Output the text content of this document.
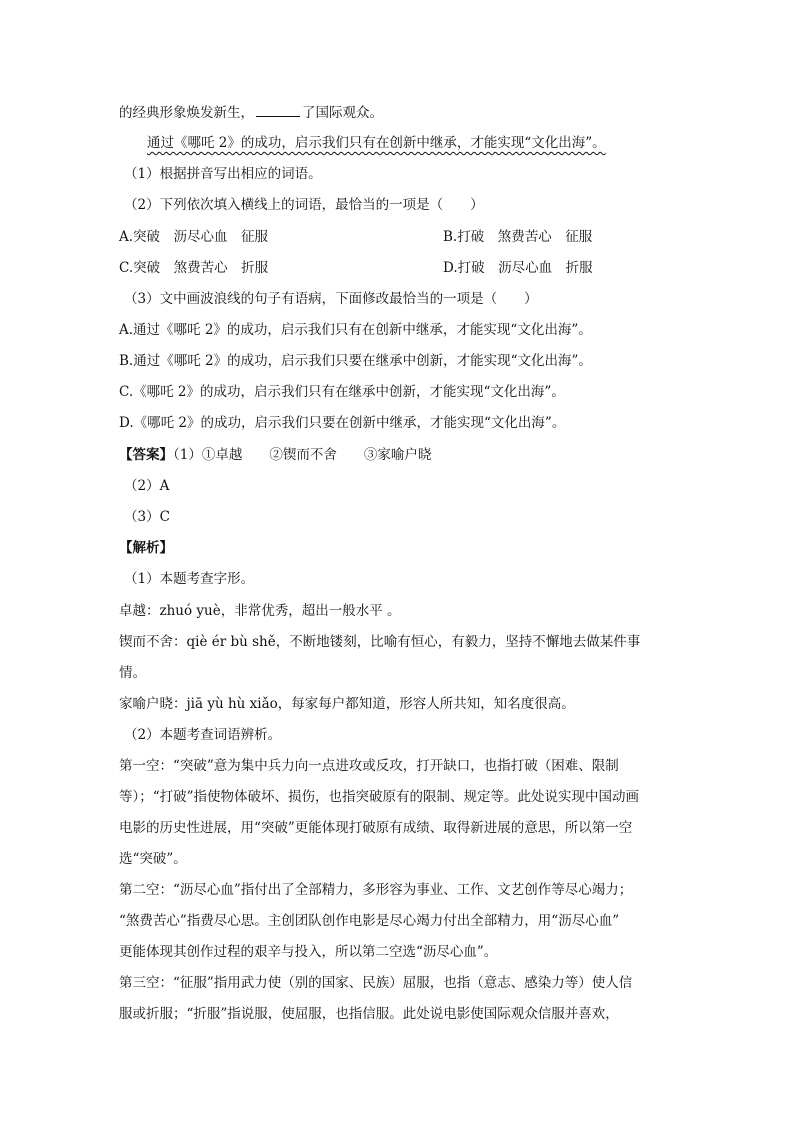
的经典形象焕发新生，	了国际观众。
通过《哪吒 2》的成功，启示我们只有在创新中继承，才能实现“文化出海”。
（1）根据拼音写出相应的词语。
（2）下列依次填入横线上的词语，最恰当的一项是（　　）
A.突破　沥尽心血　征服	B.打破　煞费苦心　征服
C.突破　煞费苦心　折服	D.打破　沥尽心血　折服
（3）文中画波浪线的句子有语病，下面修改最恰当的一项是（　　）
A.通过《哪吒 2》的成功，启示我们只有在创新中继承，才能实现“文化出海”。
B.通过《哪吒 2》的成功，启示我们只要在继承中创新，才能实现“文化出海”。
C.《哪吒 2》的成功，启示我们只有在继承中创新，才能实现“文化出海”。
D.《哪吒 2》的成功，启示我们只要在创新中继承，才能实现“文化出海”。
【答案】（1）①卓越　　②锲而不舍　　③家喻户晓
（2）A
（3）C
【解析】
（1）本题考查字形。
卓越：zhuó yuè，非常优秀，超出一般水平 。
锲而不舍：qiè ér bù shě，不断地镂刻，比喻有恒心，有毅力，坚持不懈地去做某件事
情。
家喻户晓：jiā yù hù xiǎo，每家每户都知道，形容人所共知，知名度很高。
（2）本题考查词语辨析。
第一空：“突破”意为集中兵力向一点进攻或反攻，打开缺口，也指打破（困难、限制
等）；“打破”指使物体破坏、损伤，也指突破原有的限制、规定等。此处说实现中国动画
电影的历史性进展，用“突破”更能体现打破原有成绩、取得新进展的意思，所以第一空
选“突破”。
第二空：“沥尽心血”指付出了全部精力，多形容为事业、工作、文艺创作等尽心竭力；
“煞费苦心”指费尽心思。主创团队创作电影是尽心竭力付出全部精力，用“沥尽心血”
更能体现其创作过程的艰辛与投入，所以第二空选“沥尽心血”。
第三空：“征服”指用武力使（别的国家、民族）屈服，也指（意志、感染力等）使人信
服或折服；“折服”指说服，使屈服，也指信服。此处说电影使国际观众信服并喜欢，
